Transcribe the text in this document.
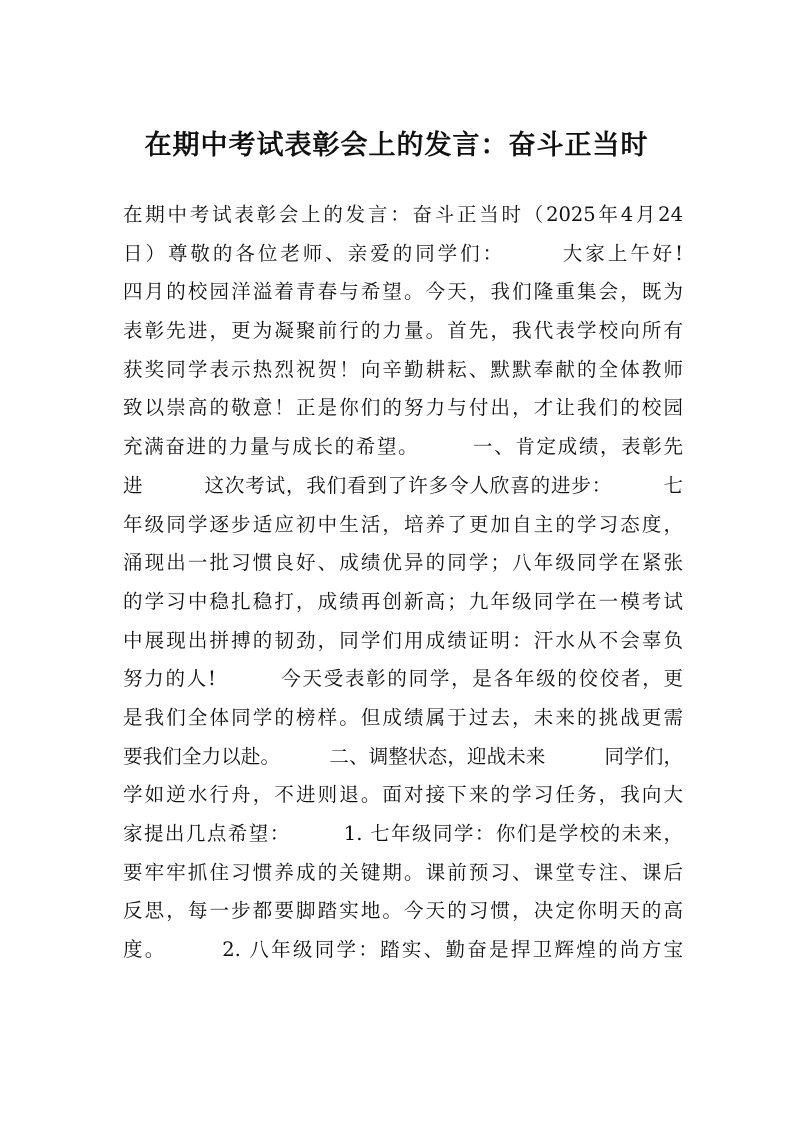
在期中考试表彰会上的发言：奋斗正当时
在期中考试表彰会上的发言：奋斗正当时（2025年4月24
日）尊敬的各位老师、亲爱的同学们：　　　大家上午好!
四月的校园洋溢着青春与希望。今天，我们隆重集会，既为
表彰先进，更为凝聚前行的力量。首先，我代表学校向所有
获奖同学表示热烈祝贺！向辛勤耕耘、默默奉献的全体教师
致以崇高的敬意！正是你们的努力与付出，才让我们的校园
充满奋进的力量与成长的希望。　　　一、肯定成绩，表彰先
进　　　这次考试，我们看到了许多令人欣喜的进步：　　　七
年级同学逐步适应初中生活，培养了更加自主的学习态度，
涌现出一批习惯良好、成绩优异的同学；八年级同学在紧张
的学习中稳扎稳打，成绩再创新高；九年级同学在一模考试
中展现出拼搏的韧劲，同学们用成绩证明：汗水从不会辜负
努力的人!　　　今天受表彰的同学，是各年级的佼佼者，更
是我们全体同学的榜样。但成绩属于过去，未来的挑战更需
要我们全力以赴。　　　二、调整状态，迎战未来　　　同学们，
学如逆水行舟，不进则退。面对接下来的学习任务，我向大
家提出几点希望：　　　1. 七年级同学：你们是学校的未来，
要牢牢抓住习惯养成的关键期。课前预习、课堂专注、课后
反思，每一步都要脚踏实地。今天的习惯，决定你明天的高
度。　　　2. 八年级同学：踏实、勤奋是捍卫辉煌的尚方宝
